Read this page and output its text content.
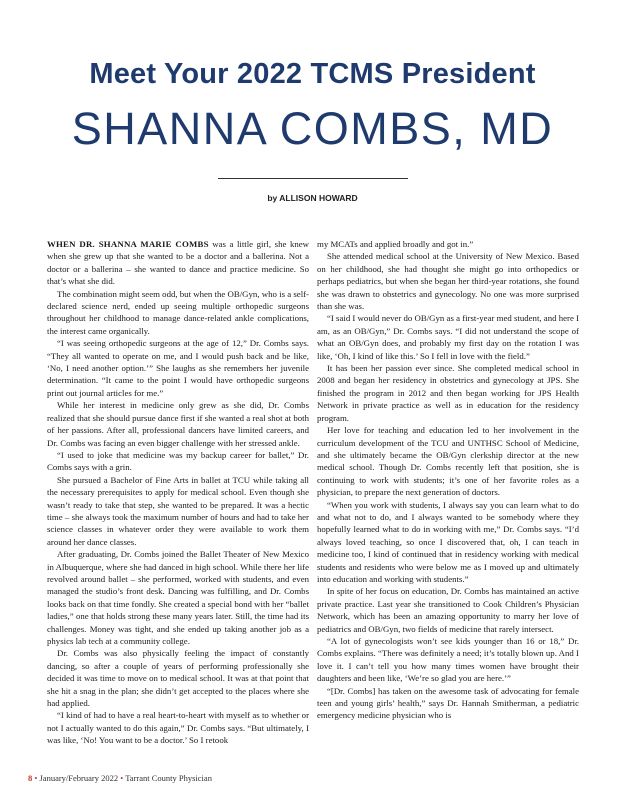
Meet Your 2022 TCMS President
SHANNA COMBS, MD
by ALLISON HOWARD

WHEN DR. SHANNA MARIE COMBS was a little girl, she knew when she grew up that she wanted to be a doctor and a ballerina. Not a doctor or a ballerina – she wanted to dance and practice medicine. So that’s what she did.

The combination might seem odd, but when the OB/Gyn, who is a self-declared science nerd, ended up seeing multiple orthopedic surgeons throughout her childhood to manage dance-related ankle complications, the interest came organically.

“I was seeing orthopedic surgeons at the age of 12,” Dr. Combs says. “They all wanted to operate on me, and I would push back and be like, ‘No, I need another option.’” She laughs as she remembers her juvenile determination. “It came to the point I would have orthopedic surgeons print out journal articles for me.”

While her interest in medicine only grew as she did, Dr. Combs realized that she should pursue dance first if she wanted a real shot at both of her passions. After all, professional dancers have limited careers, and Dr. Combs was facing an even bigger challenge with her stressed ankle.

“I used to joke that medicine was my backup career for ballet,” Dr. Combs says with a grin.

She pursued a Bachelor of Fine Arts in ballet at TCU while taking all the necessary prerequisites to apply for medical school. Even though she wasn’t ready to take that step, she wanted to be prepared. It was a hectic time – she always took the maximum number of hours and had to take her science classes in whatever order they were available to work them around her dance classes.

After graduating, Dr. Combs joined the Ballet Theater of New Mexico in Albuquerque, where she had danced in high school. While there her life revolved around ballet – she performed, worked with students, and even managed the studio’s front desk. Dancing was fulfilling, and Dr. Combs looks back on that time fondly. She created a special bond with her “ballet ladies,” one that holds strong these many years later. Still, the time had its challenges. Money was tight, and she ended up taking another job as a physics lab tech at a community college.

Dr. Combs was also physically feeling the impact of constantly dancing, so after a couple of years of performing professionally she decided it was time to move on to medical school. It was at that point that she hit a snag in the plan; she didn’t get accepted to the places where she had applied.

“I kind of had to have a real heart-to-heart with myself as to whether or not I actually wanted to do this again,” Dr. Combs says. “But ultimately, I was like, ‘No! You want to be a doctor.’ So I retook

my MCATs and applied broadly and got in.”

She attended medical school at the University of New Mexico. Based on her childhood, she had thought she might go into orthopedics or perhaps pediatrics, but when she began her third-year rotations, she found she was drawn to obstetrics and gynecology. No one was more surprised than she was.

“I said I would never do OB/Gyn as a first-year med student, and here I am, as an OB/Gyn,” Dr. Combs says. “I did not understand the scope of what an OB/Gyn does, and probably my first day on the rotation I was like, ‘Oh, I kind of like this.’ So I fell in love with the field.”

It has been her passion ever since. She completed medical school in 2008 and began her residency in obstetrics and gynecology at JPS. She finished the program in 2012 and then began working for JPS Health Network in private practice as well as in education for the residency program.

Her love for teaching and education led to her involvement in the curriculum development of the TCU and UNTHSC School of Medicine, and she ultimately became the OB/Gyn clerkship director at the new medical school. Though Dr. Combs recently left that position, she is continuing to work with students; it’s one of her favorite roles as a physician, to prepare the next generation of doctors.

“When you work with students, I always say you can learn what to do and what not to do, and I always wanted to be somebody where they hopefully learned what to do in working with me,” Dr. Combs says. “I’d always loved teaching, so once I discovered that, oh, I can teach in medicine too, I kind of continued that in residency working with medical students and residents who were below me as I moved up and ultimately into education and working with students.”

In spite of her focus on education, Dr. Combs has maintained an active private practice. Last year she transitioned to Cook Children’s Physician Network, which has been an amazing opportunity to marry her love of pediatrics and OB/Gyn, two fields of medicine that rarely intersect.

“A lot of gynecologists won’t see kids younger than 16 or 18,” Dr. Combs explains. “There was definitely a need; it’s totally blown up. And I love it. I can’t tell you how many times women have brought their daughters and been like, ‘We’re so glad you are here.’”

“[Dr. Combs] has taken on the awesome task of advocating for female teen and young girls’ health,” says Dr. Hannah Smitherman, a pediatric emergency medicine physician who is

8 • January/February 2022 • Tarrant County Physician
